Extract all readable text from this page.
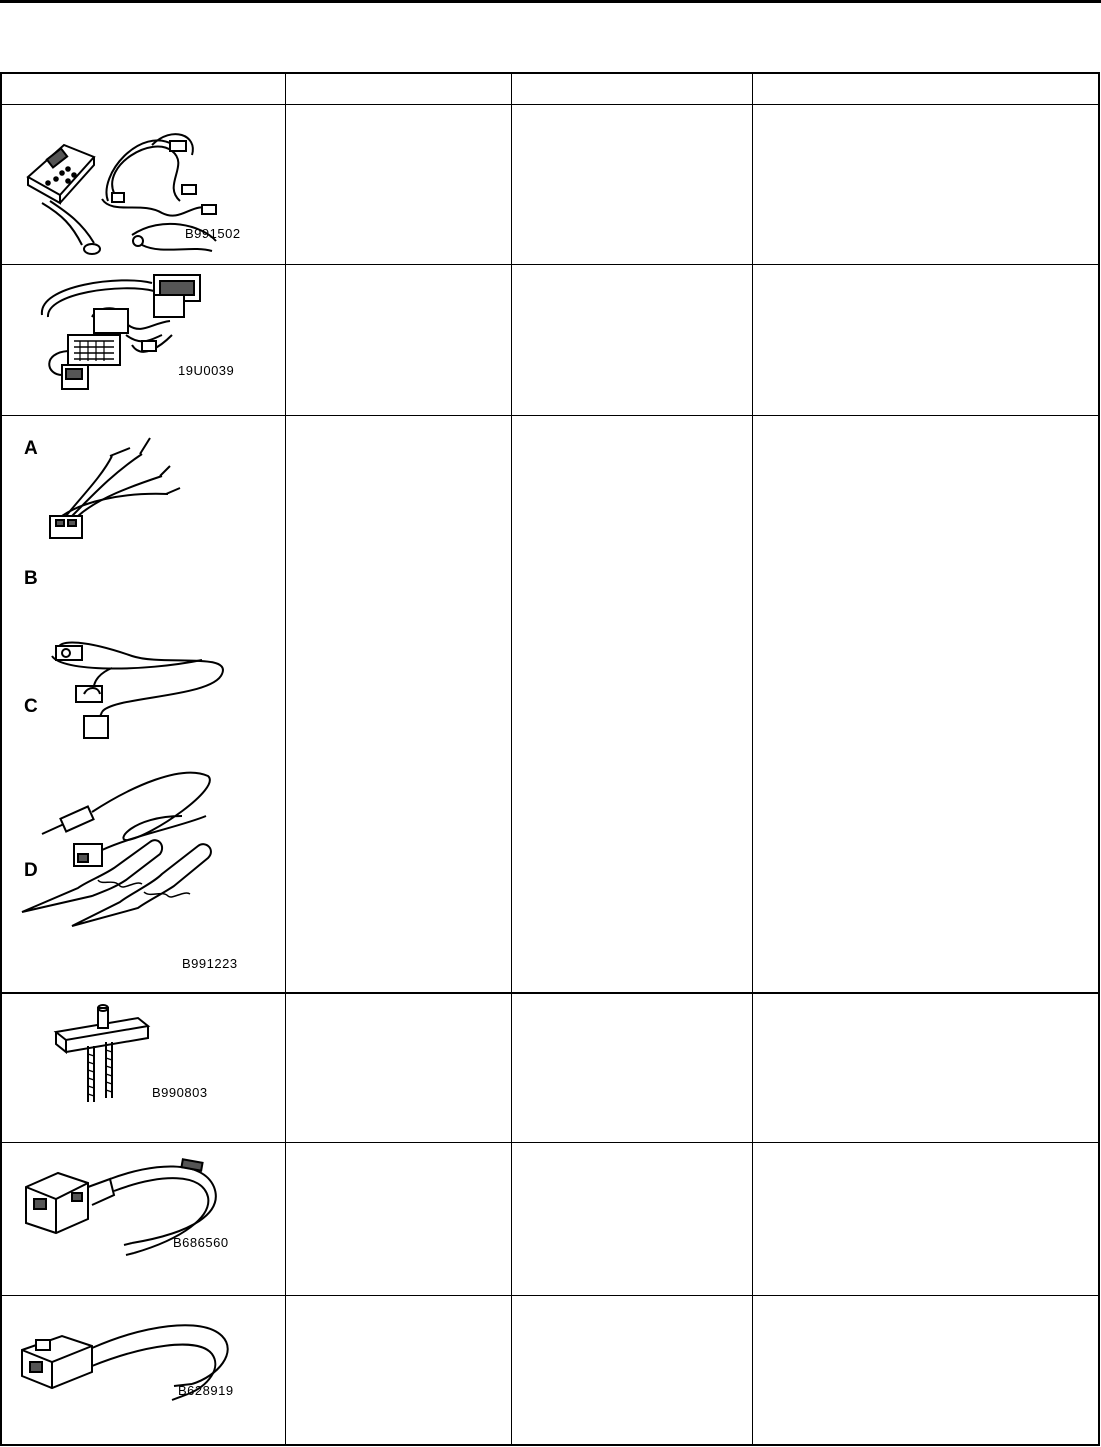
B991502
19U0039
A
B
C
D
B991223
B990803
B686560
B628919
